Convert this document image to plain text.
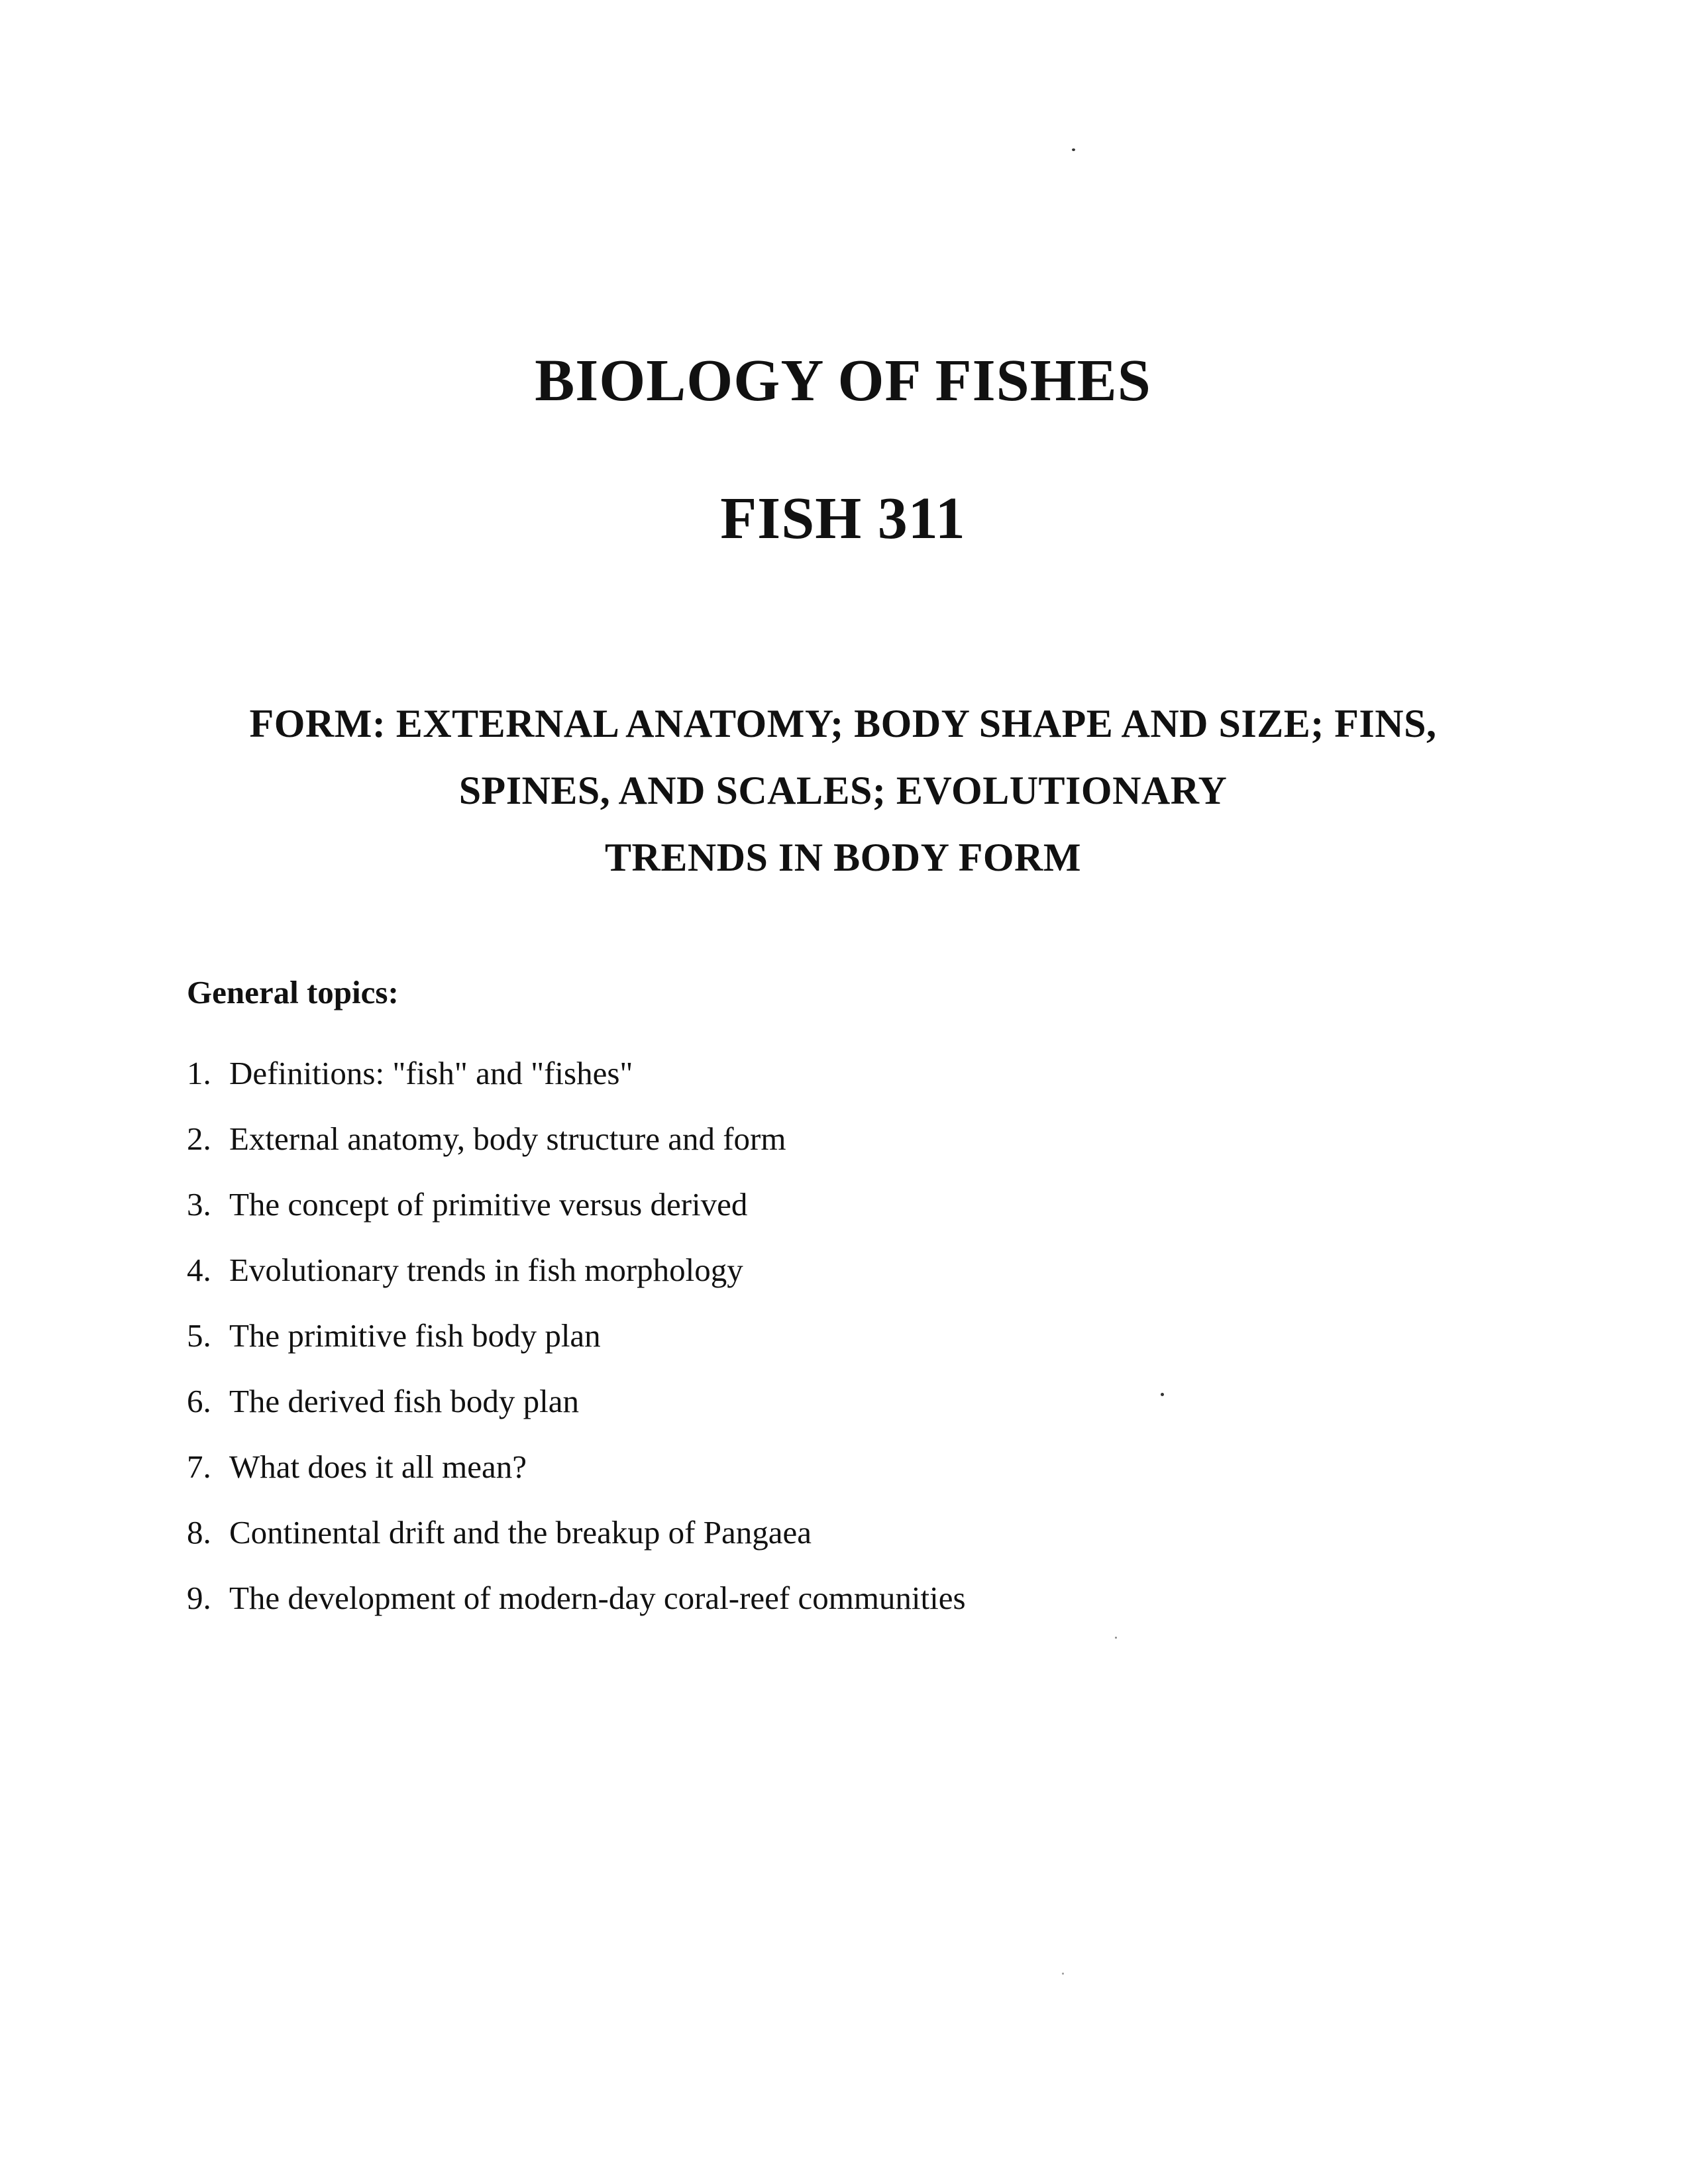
BIOLOGY OF FISHES
FISH 311
FORM: EXTERNAL ANATOMY; BODY SHAPE AND SIZE; FINS,
SPINES, AND SCALES; EVOLUTIONARY
TRENDS IN BODY FORM
General topics:
1. Definitions: "fish" and "fishes"
2. External anatomy, body structure and form
3. The concept of primitive versus derived
4. Evolutionary trends in fish morphology
5. The primitive fish body plan
6. The derived fish body plan
7. What does it all mean?
8. Continental drift and the breakup of Pangaea
9. The development of modern-day coral-reef communities
